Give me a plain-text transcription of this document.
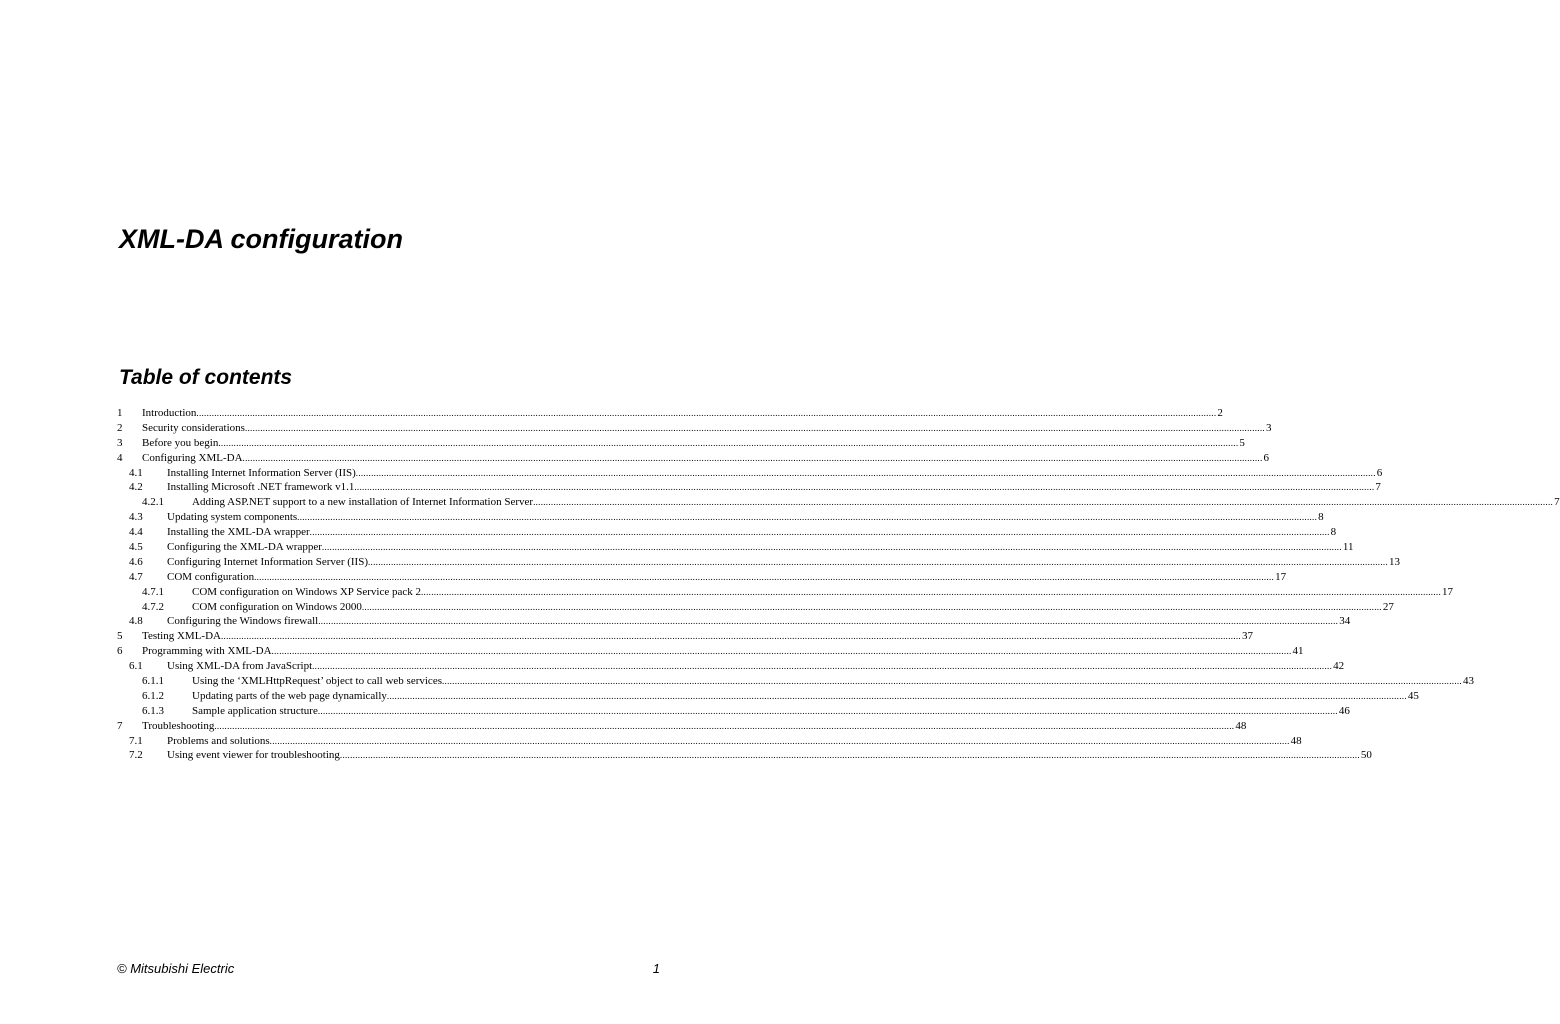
XML-DA configuration
Table of contents
1 Introduction ................................................................................................................................................................................................................................................................................................................................................................................................................ 2
2 Security considerations ................................................................................................................................................................................................................................................................................................................................................................................................................ 3
3 Before you begin ................................................................................................................................................................................................................................................................................................................................................................................................................ 5
4 Configuring XML-DA ................................................................................................................................................................................................................................................................................................................................................................................................................ 6
4.1 Installing Internet Information Server (IIS) ................................................................................................................................................................................................................................................................................................................................................................................................................ 6
4.2 Installing Microsoft .NET framework v1.1 ................................................................................................................................................................................................................................................................................................................................................................................................................ 7
4.2.1	Adding ASP.NET support to a new installation of Internet Information Server ................................................................................................................................................................................................................................................................................................................................................................................................................ 7
4.3 Updating system components ................................................................................................................................................................................................................................................................................................................................................................................................................ 8
4.4 Installing the XML-DA wrapper ................................................................................................................................................................................................................................................................................................................................................................................................................ 8
4.5 Configuring the XML-DA wrapper ................................................................................................................................................................................................................................................................................................................................................................................................................ 11
4.6 Configuring Internet Information Server (IIS) ................................................................................................................................................................................................................................................................................................................................................................................................................ 13
4.7 COM configuration ................................................................................................................................................................................................................................................................................................................................................................................................................ 17
4.7.1	COM configuration on Windows XP Service pack 2 ................................................................................................................................................................................................................................................................................................................................................................................................................ 17
4.7.2	COM configuration on Windows 2000 ................................................................................................................................................................................................................................................................................................................................................................................................................ 27
4.8 Configuring the Windows firewall ................................................................................................................................................................................................................................................................................................................................................................................................................ 34
5 Testing XML-DA ................................................................................................................................................................................................................................................................................................................................................................................................................ 37
6 Programming with XML-DA ................................................................................................................................................................................................................................................................................................................................................................................................................ 41
6.1 Using XML-DA from JavaScript ................................................................................................................................................................................................................................................................................................................................................................................................................ 42
6.1.1	Using the ‘XMLHttpRequest’ object to call web services ................................................................................................................................................................................................................................................................................................................................................................................................................ 43
6.1.2	Updating parts of the web page dynamically ................................................................................................................................................................................................................................................................................................................................................................................................................ 45
6.1.3	Sample application structure ................................................................................................................................................................................................................................................................................................................................................................................................................ 46
7 Troubleshooting ................................................................................................................................................................................................................................................................................................................................................................................................................ 48
7.1 Problems and solutions ................................................................................................................................................................................................................................................................................................................................................................................................................ 48
7.2 Using event viewer for troubleshooting ................................................................................................................................................................................................................................................................................................................................................................................................................ 50
© Mitsubishi Electric	1
